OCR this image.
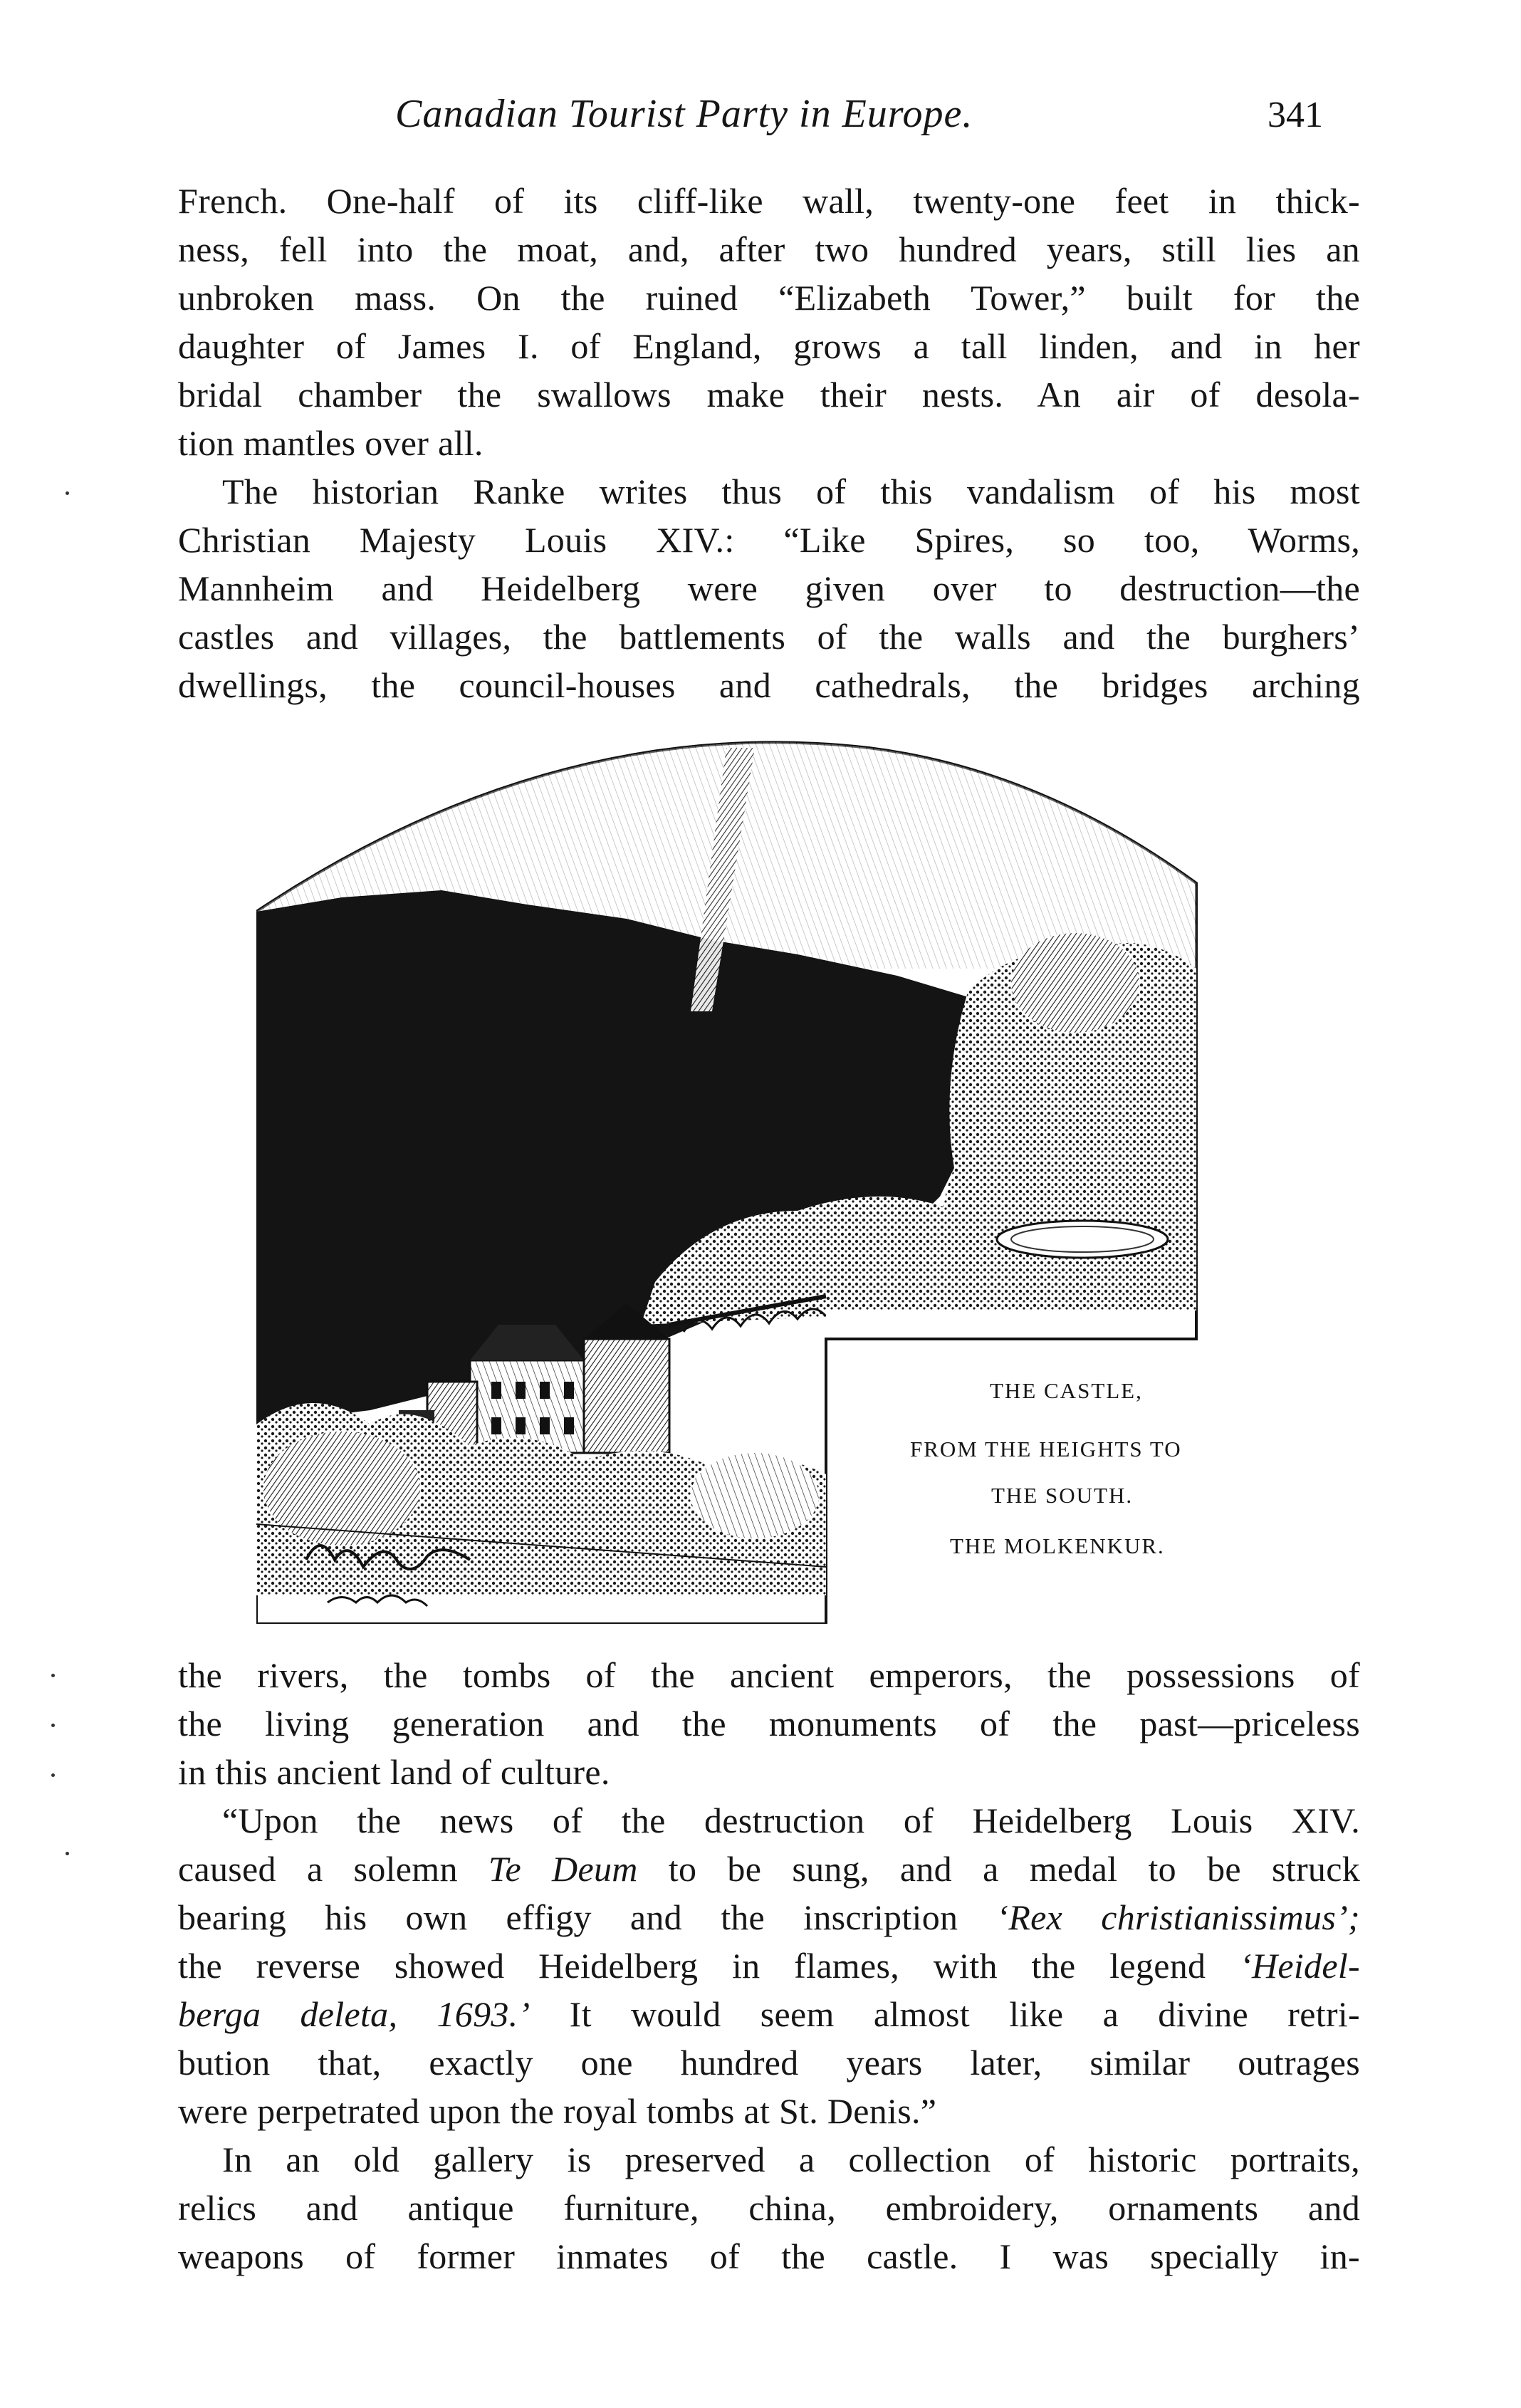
Canadian Tourist Party in Europe.	341
French. One-half of its cliff-like wall, twenty-one feet in thick-
ness, fell into the moat, and, after two hundred years, still lies an
unbroken mass. On the ruined “Elizabeth Tower,” built for the
daughter of James I. of England, grows a tall linden, and in her
bridal chamber the swallows make their nests. An air of desola-
tion mantles over all.
The historian Ranke writes thus of this vandalism of his most
Christian Majesty Louis XIV.: “Like Spires, so too, Worms,
Mannheim and Heidelberg were given over to destruction—the
castles and villages, the battlements of the walls and the burghers’
dwellings, the council-houses and cathedrals, the bridges arching
THE CASTLE,
FROM THE HEIGHTS TO
THE SOUTH.
THE MOLKENKUR.
the rivers, the tombs of the ancient emperors, the possessions of
the living generation and the monuments of the past—priceless
in this ancient land of culture.
“Upon the news of the destruction of Heidelberg Louis XIV.
caused a solemn Te Deum to be sung, and a medal to be struck
bearing his own effigy and the inscription ‘Rex christianissimus’;
the reverse showed Heidelberg in flames, with the legend ‘Heidel-
berga deleta, 1693.’ It would seem almost like a divine retri-
bution that, exactly one hundred years later, similar outrages
were perpetrated upon the royal tombs at St. Denis.”
In an old gallery is preserved a collection of historic portraits,
relics and antique furniture, china, embroidery, ornaments and
weapons of former inmates of the castle. I was specially in-
